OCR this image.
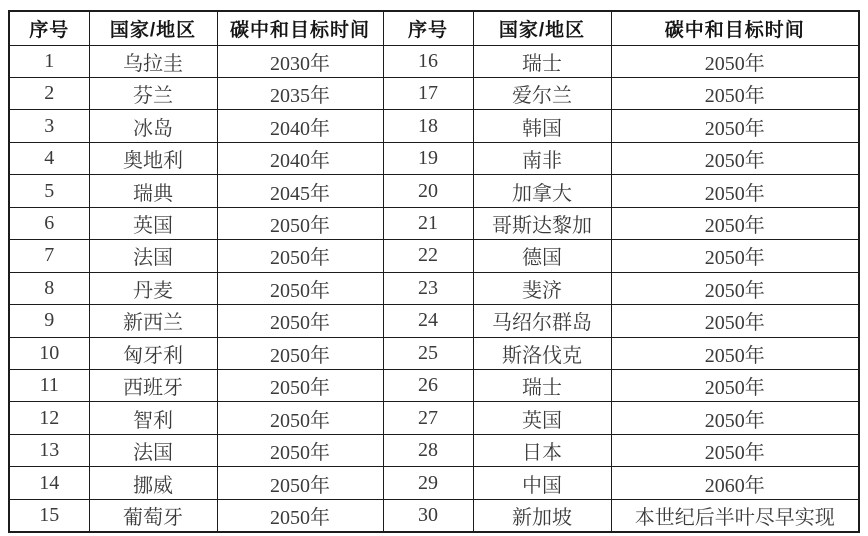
序号	国家/地区	碳中和目标时间	序号	国家/地区	碳中和目标时间
1	乌拉圭	2030年	16	瑞士	2050年
2	芬兰	2035年	17	爱尔兰	2050年
3	冰岛	2040年	18	韩国	2050年
4	奥地利	2040年	19	南非	2050年
5	瑞典	2045年	20	加拿大	2050年
6	英国	2050年	21	哥斯达黎加	2050年
7	法国	2050年	22	德国	2050年
8	丹麦	2050年	23	斐济	2050年
9	新西兰	2050年	24	马绍尔群岛	2050年
10	匈牙利	2050年	25	斯洛伐克	2050年
11	西班牙	2050年	26	瑞士	2050年
12	智利	2050年	27	英国	2050年
13	法国	2050年	28	日本	2050年
14	挪威	2050年	29	中国	2060年
15	葡萄牙	2050年	30	新加坡	本世纪后半叶尽早实现
